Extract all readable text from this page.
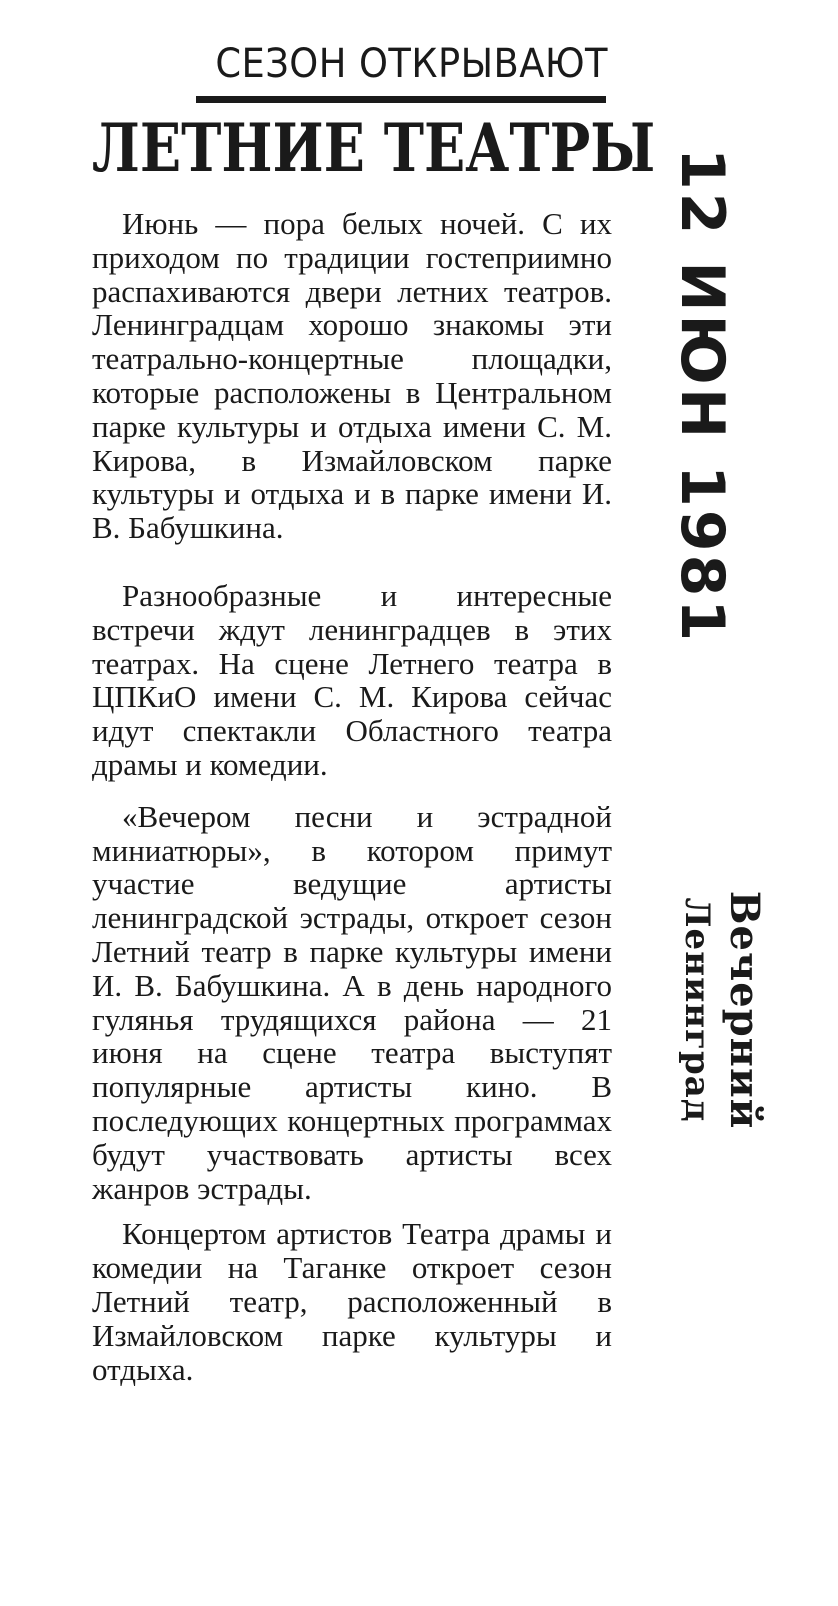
СЕЗОН ОТКРЫВАЮТ
ЛЕТНИЕ ТЕАТРЫ

Июнь — пора белых ночей. С их приходом по традиции гостеприимно распахиваются двери летних театров. Ленинградцам хорошо знакомы эти театрально-концертные площадки, которые расположены в Центральном парке культуры и отдыха имени С. М. Кирова, в Измайловском парке культуры и отдыха и в парке имени И. В. Бабушкина.

Разнообразные и интересные встречи ждут ленинградцев в этих театрах. На сцене Летнего театра в ЦПКиО имени С. М. Кирова сейчас идут спектакли Областного театра драмы и комедии.

«Вечером песни и эстрадной миниатюры», в котором примут участие ведущие артисты ленинградской эстрады, откроет сезон Летний театр в парке культуры имени И. В. Бабушкина. А в день народного гулянья трудящихся района — 21 июня на сцене театра выступят популярные артисты кино. В последующих концертных программах будут участвовать артисты всех жанров эстрады.

Концертом артистов Театра драмы и комедии на Таганке откроет сезон Летний театр, расположенный в Измайловском парке культуры и отдыха.

12 ИЮН 1981
Вечерний
Ленинград
